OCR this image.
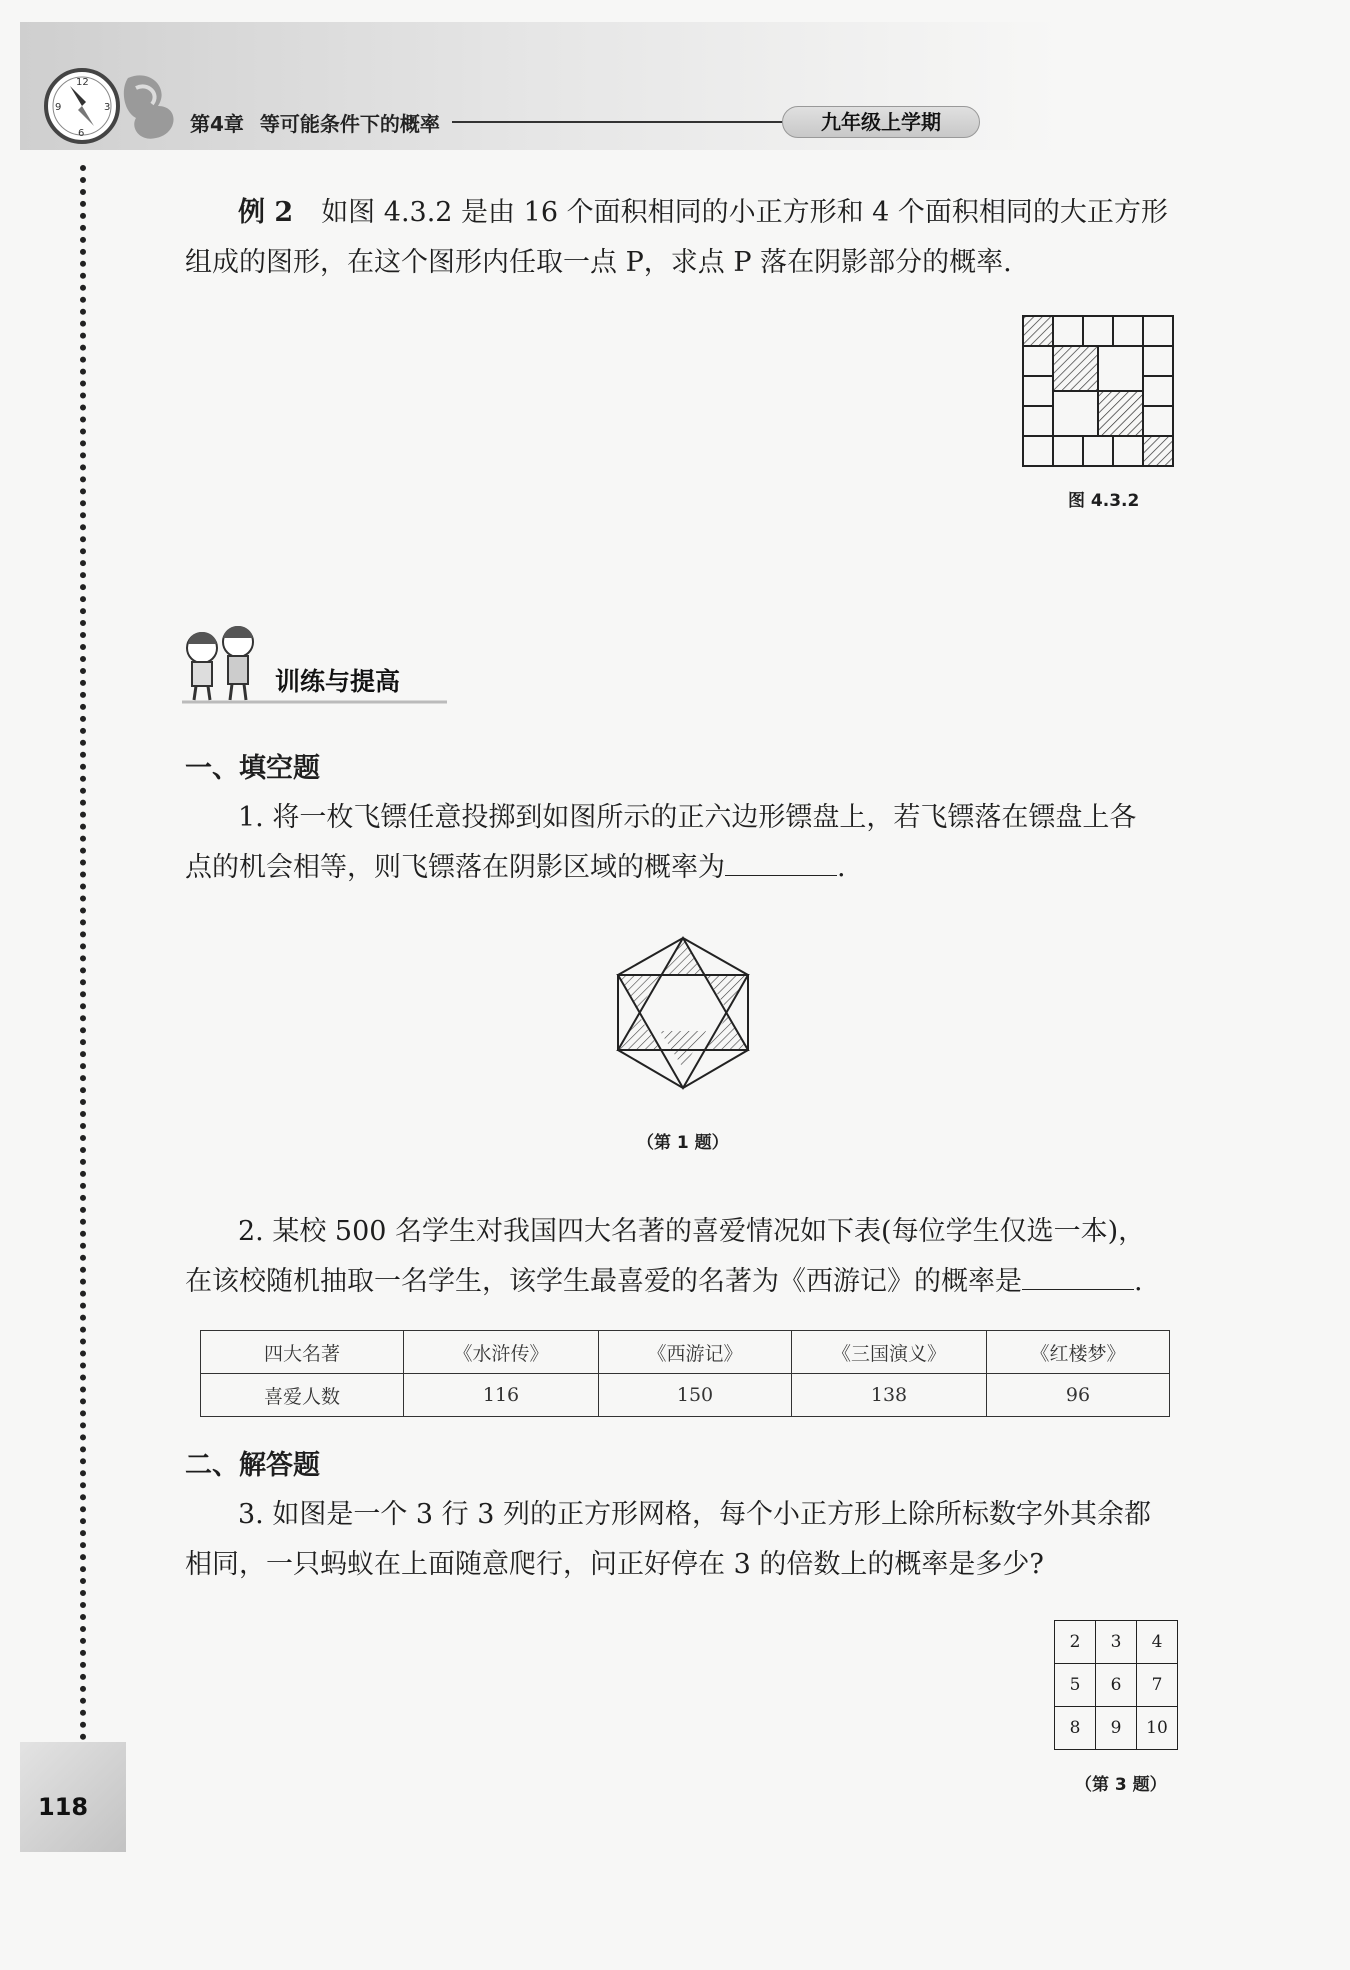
12
3
6
9
第4章 等可能条件下的概率	九年级上学期
例 2 如图 4.3.2 是由 16 个面积相同的小正方形和 4 个面积相同的大正方形
组成的图形，在这个图形内任取一点 P，求点 P 落在阴影部分的概率.
图 4.3.2
训练与提高
一、填空题
1. 将一枚飞镖任意投掷到如图所示的正六边形镖盘上，若飞镖落在镖盘上各
点的机会相等，则飞镖落在阴影区域的概率为	.
（第 1 题）
2. 某校 500 名学生对我国四大名著的喜爱情况如下表(每位学生仅选一本)，
在该校随机抽取一名学生，该学生最喜爱的名著为《西游记》的概率是	.
四大名著	《水浒传》	《西游记》	《三国演义》	《红楼梦》
喜爱人数	116	150	138	96
二、解答题
3. 如图是一个 3 行 3 列的正方形网格，每个小正方形上除所标数字外其余都
相同，一只蚂蚁在上面随意爬行，问正好停在 3 的倍数上的概率是多少?
2	3	4
5	6	7
8	9	10
（第 3 题）
118
